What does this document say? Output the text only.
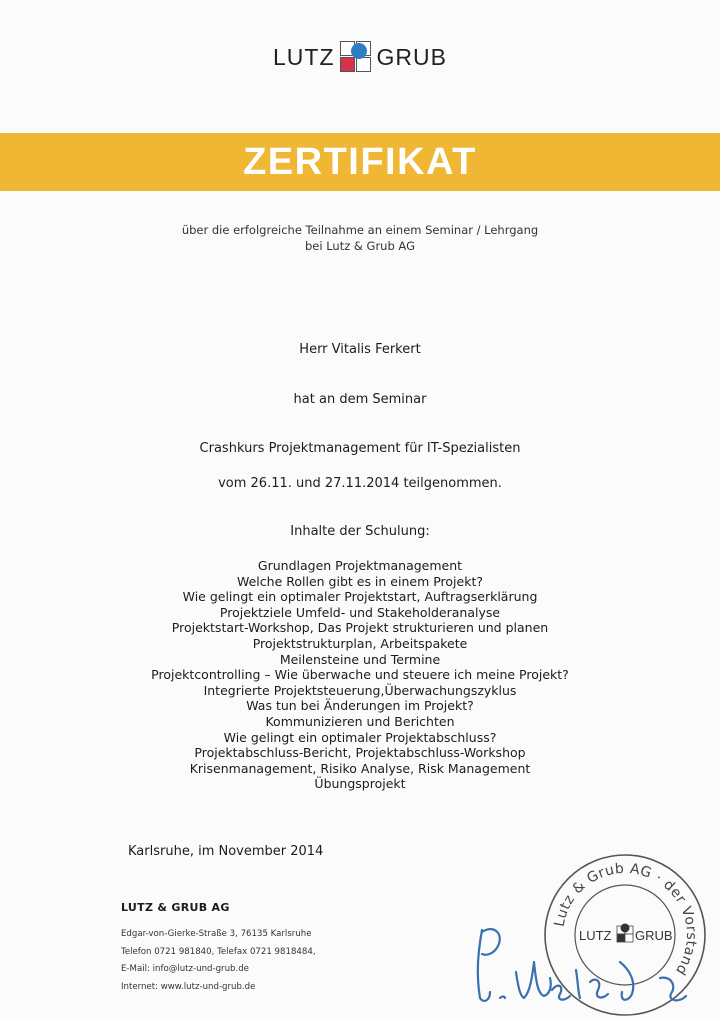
LUTZ GRUB
ZERTIFIKAT
über die erfolgreiche Teilnahme an einem Seminar / Lehrgang
bei Lutz & Grub AG
Herr Vitalis Ferkert
hat an dem Seminar
Crashkurs Projektmanagement für IT-Spezialisten
vom 26.11. und 27.11.2014 teilgenommen.
Inhalte der Schulung:
Grundlagen Projektmanagement
Welche Rollen gibt es in einem Projekt?
Wie gelingt ein optimaler Projektstart, Auftragserklärung
Projektziele Umfeld- und Stakeholderanalyse
Projektstart-Workshop, Das Projekt strukturieren und planen
Projektstrukturplan, Arbeitspakete
Meilensteine und Termine
Projektcontrolling – Wie überwache und steuere ich meine Projekt?
Integrierte Projektsteuerung,Überwachungszyklus
Was tun bei Änderungen im Projekt?
Kommunizieren und Berichten
Wie gelingt ein optimaler Projektabschluss?
Projektabschluss-Bericht, Projektabschluss-Workshop
Krisenmanagement, Risiko Analyse, Risk Management
Übungsprojekt
Karlsruhe, im November 2014
LUTZ & GRUB AG
Edgar-von-Gierke-Straße 3, 76135 Karlsruhe
Telefon 0721 981840, Telefax 0721 9818484,
E-Mail: info@lutz-und-grub.de
Internet: www.lutz-und-grub.de
Lutz & Grub AG · der Vorstand
LUTZ GRUB
